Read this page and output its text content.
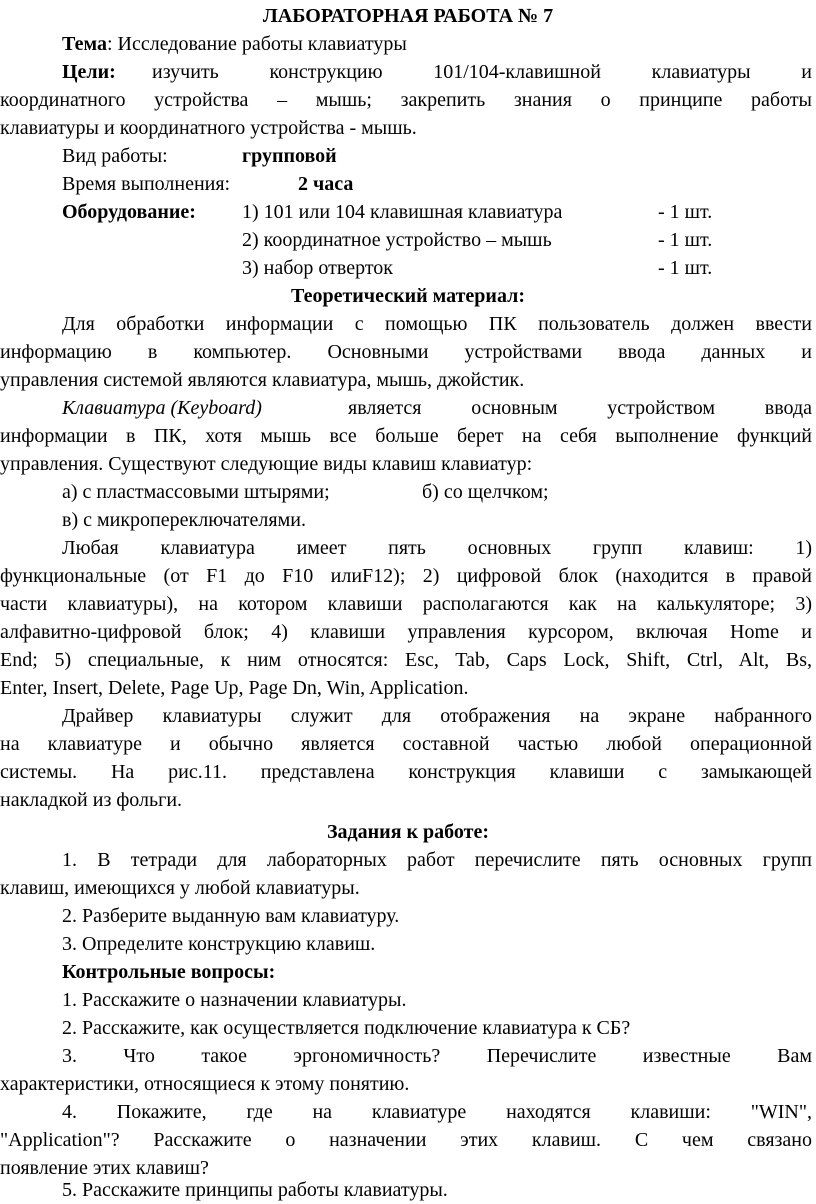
ЛАБОРАТОРНАЯ РАБОТА № 7
Тема: Исследование работы клавиатуры
Цели: изучить конструкцию 101/104-клавишной клавиатуры и
координатного устройства – мышь; закрепить знания о принципе работы
клавиатуры и координатного устройства - мышь.
Вид работы:	групповой
Время выполнения:	2 часа
Оборудование: 1) 101 или 104 клавишная клавиатура	- 1 шт.
2) координатное устройство – мышь	- 1 шт.
3) набор отверток	- 1 шт.
Теоретический материал:
Для обработки информации с помощью ПК пользователь должен ввести
информацию в компьютер. Основными устройствами ввода данных и
управления системой являются клавиатура, мышь, джойстик.
Клавиатура (Keyboard)	является основным устройством ввода
информации в ПК, хотя мышь все больше берет на себя выполнение функций
управления. Существуют следующие виды клавиш клавиатур:
а) с пластмассовыми штырями;	б) со щелчком;
в) с микропереключателями.
Любая клавиатура имеет пять основных групп клавиш: 1)
функциональные (от F1 до F10 илиF12); 2) цифровой блок (находится в правой
части клавиатуры), на котором клавиши располагаются как на калькуляторе; 3)
алфавитно-цифровой блок; 4) клавиши управления курсором, включая Home и
End; 5) специальные, к ним относятся: Esc, Tab, Caps Lock, Shift, Ctrl, Alt, Bs,
Enter, Insert, Delete, Page Up, Page Dn, Win, Application.
Драйвер клавиатуры служит для отображения на экране набранного
на клавиатуре и обычно является составной частью любой операционной
системы. На рис.11. представлена конструкция клавиши с замыкающей
накладкой из фольги.
Задания к работе:
1. В тетради для лабораторных работ перечислите пять основных групп
клавиш, имеющихся у любой клавиатуры.
2. Разберите выданную вам клавиатуру.
3. Определите конструкцию клавиш.
Контрольные вопросы:
1. Расскажите о назначении клавиатуры.
2. Расскажите, как осуществляется подключение клавиатура к СБ?
3. Что такое эргономичность? Перечислите известные Вам
характеристики, относящиеся к этому понятию.
4. Покажите, где на клавиатуре находятся клавиши: "WIN",
"Application"? Расскажите о назначении этих клавиш. С чем связано
появление этих клавиш?
5. Расскажите принципы работы клавиатуры.
